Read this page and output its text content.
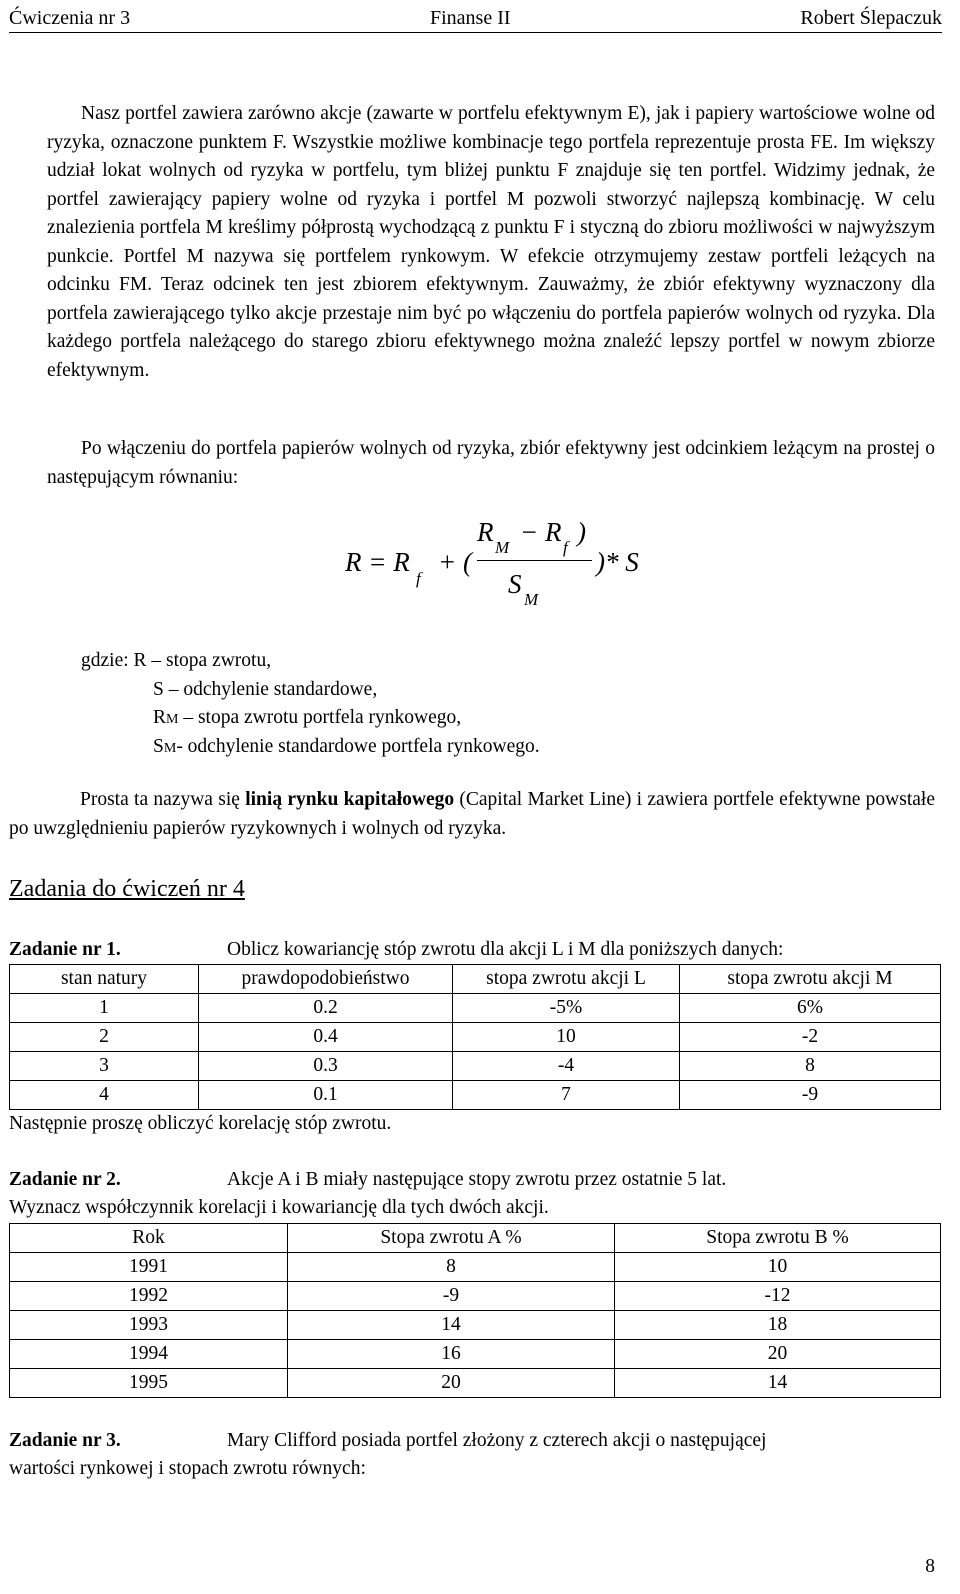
Ćwiczenia nr 3	Finanse II	Robert Ślepaczuk

Nasz portfel zawiera zarówno akcje (zawarte w portfelu efektywnym E), jak i papiery wartościowe wolne od ryzyka, oznaczone punktem F. Wszystkie możliwe kombinacje tego portfela reprezentuje prosta FE. Im większy udział lokat wolnych od ryzyka w portfelu, tym bliżej punktu F znajduje się ten portfel. Widzimy jednak, że portfel zawierający papiery wolne od ryzyka i portfel M pozwoli stworzyć najlepszą kombinację. W celu znalezienia portfela M kreślimy półprostą wychodzącą z punktu F i styczną do zbioru możliwości w najwyższym punkcie. Portfel M nazywa się portfelem rynkowym. W efekcie otrzymujemy zestaw portfeli leżących na odcinku FM. Teraz odcinek ten jest zbiorem efektywnym. Zauważmy, że zbiór efektywny wyznaczony dla portfela zawierającego tylko akcje przestaje nim być po włączeniu do portfela papierów wolnych od ryzyka. Dla każdego portfela należącego do starego zbioru efektywnego można znaleźć lepszy portfel w nowym zbiorze efektywnym.

Po włączeniu do portfela papierów wolnych od ryzyka, zbiór efektywny jest odcinkiem leżącym na prostej o następującym równaniu:

R = R
f
+ (
R
M
− R
f
)
S
M
)* S
gdzie: R – stopa zwrotu,
S – odchylenie standardowe,
RM – stopa zwrotu portfela rynkowego,
SM- odchylenie standardowe portfela rynkowego.

Prosta ta nazywa się linią rynku kapitałowego (Capital Market Line) i zawiera portfele efektywne powstałe po uwzględnieniu papierów ryzykownych i wolnych od ryzyka.

Zadania do ćwiczeń nr 4
Zadanie nr 1.	Oblicz kowariancję stóp zwrotu dla akcji L i M dla poniższych danych:
stan natury	prawdopodobieństwo	stopa zwrotu akcji L	stopa zwrotu akcji M
1	0.2	-5%	6%
2	0.4	10	-2
3	0.3	-4	8
4	0.1	7	-9
Następnie proszę obliczyć korelację stóp zwrotu.
Zadanie nr 2.	Akcje A i B miały następujące stopy zwrotu przez ostatnie 5 lat.
Wyznacz współczynnik korelacji i kowariancję dla tych dwóch akcji.
Rok	Stopa zwrotu A %	Stopa zwrotu B %
1991	8	10
1992	-9	-12
1993	14	18
1994	16	20
1995	20	14
Zadanie nr 3.	Mary Clifford posiada portfel złożony z czterech akcji o następującej
wartości rynkowej i stopach zwrotu równych:
8
